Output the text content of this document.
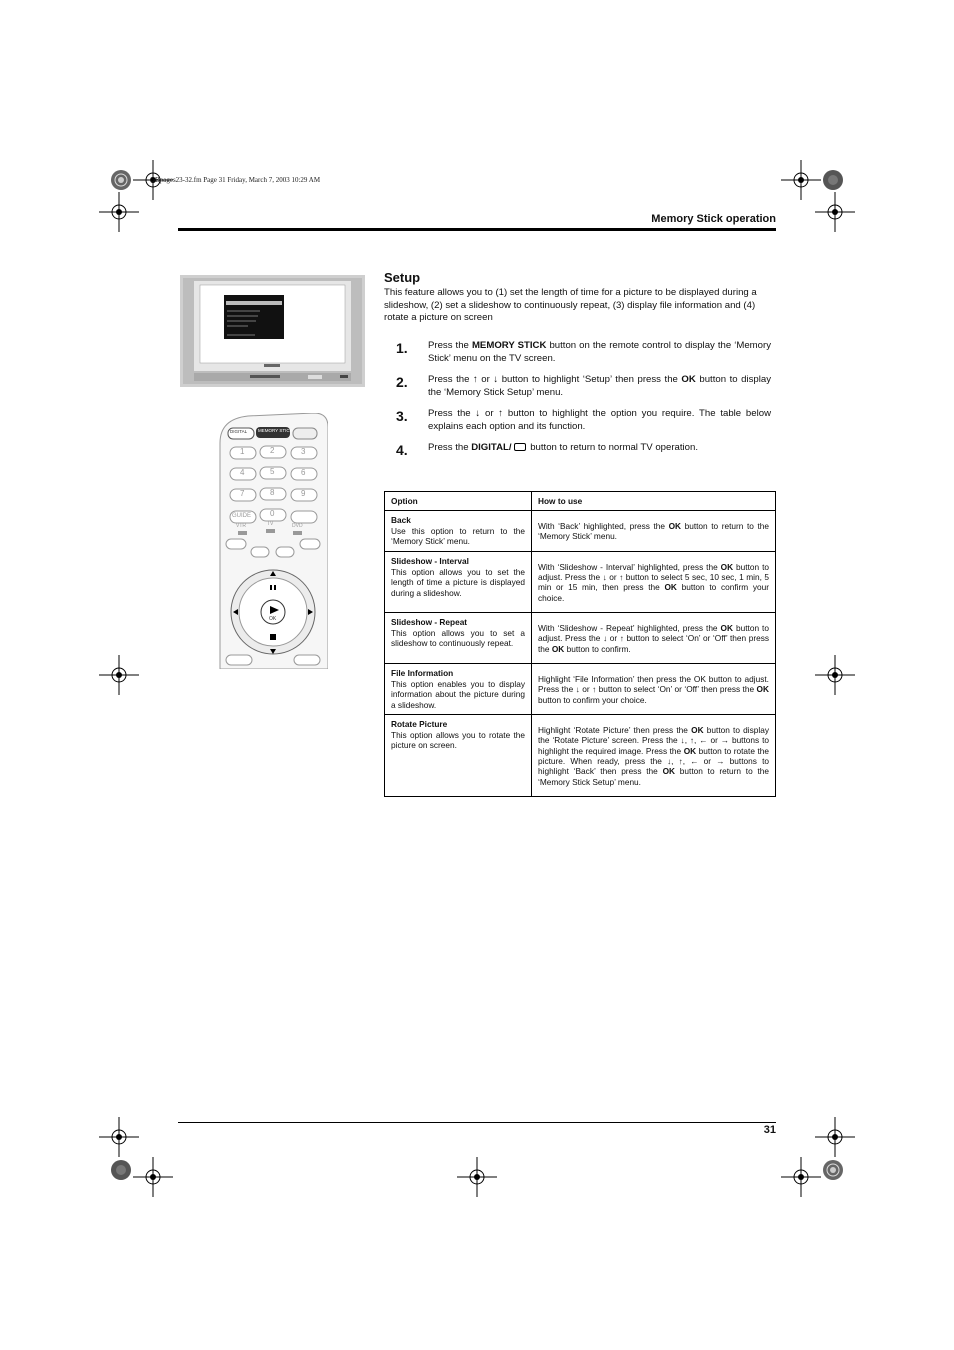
GBpages23-32.fm Page 31 Friday, March 7, 2003 10:29 AM
Memory Stick operation
DIGITAL MEMORY STICK
1	2	3
4	5	6
7	8	9
0
GUIDE
VTR	TV	DVD
OK
Setup
This feature allows you to (1) set the length of time for a picture to be displayed during a slideshow, (2) set a slideshow to continuously repeat, (3) display file information and (4) rotate a picture on screen
1. Press the MEMORY STICK button on the remote control to display the ‘Memory Stick’ menu on the TV screen.
2. Press the ↑ or ↓ button to highlight ‘Setup’ then press the OK button to display the ‘Memory Stick Setup’ menu.
3. Press the ↓ or ↑ button to highlight the option you require. The table below explains each option and its function.
4. Press the DIGITAL/ button to return to normal TV operation.
Option	How to use

Back
Use this option to return to the ‘Memory Stick’ menu.	With ‘Back’ highlighted, press the OK button to return to the ‘Memory Stick’ menu.

Slideshow - Interval
This option allows you to set the length of time a picture is displayed during a slideshow.	With ‘Slideshow - Interval’ highlighted, press the OK button to adjust. Press the ↓ or ↑ button to select 5 sec, 10 sec, 1 min, 5 min or 15 min, then press the OK button to confirm your choice.

Slideshow - Repeat
This option allows you to set a slideshow to continuously repeat.	With ‘Slideshow - Repeat’ highlighted, press the OK button to adjust. Press the ↓ or ↑ button to select ‘On’ or ‘Off’ then press the OK button to confirm.

File Information
This option enables you to display information about the picture during a slideshow.	Highlight ‘File Information’ then press the OK button to adjust. Press the ↓ or ↑ button to select ‘On’ or ‘Off’ then press the OK button to confirm your choice.

Rotate Picture
This option allows you to rotate the picture on screen.	Highlight ‘Rotate Picture’ then press the OK button to display the ‘Rotate Picture’ screen. Press the ↓, ↑, ← or → buttons to highlight the required image. Press the OK button to rotate the picture. When ready, press the ↓, ↑, ← or → buttons to highlight ‘Back’ then press the OK button to return to the ‘Memory Stick Setup’ menu.
31
